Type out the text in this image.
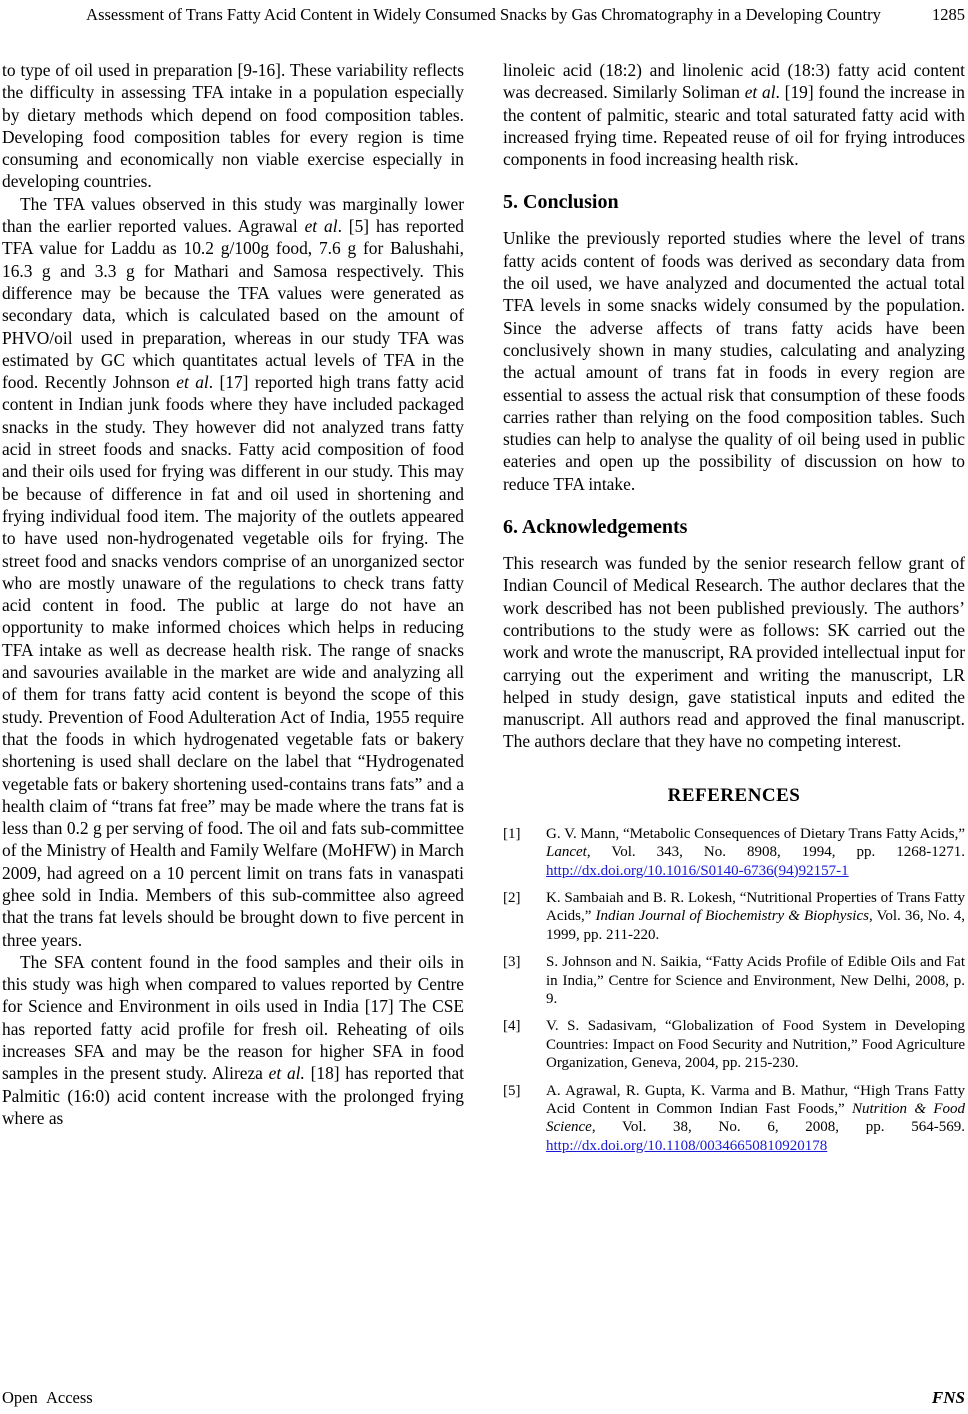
Assessment of Trans Fatty Acid Content in Widely Consumed Snacks by Gas Chromatography in a Developing Country	1285

to type of oil used in preparation [9-16]. These variability reflects the difficulty in assessing TFA intake in a population especially by dietary methods which depend on food composition tables. Developing food composition tables for every region is time consuming and economically non viable exercise especially in developing countries.

The TFA values observed in this study was marginally lower than the earlier reported values. Agrawal et al. [5] has reported TFA value for Laddu as 10.2 g/100g food, 7.6 g for Balushahi, 16.3 g and 3.3 g for Mathari and Samosa respectively. This difference may be because the TFA values were generated as secondary data, which is calculated based on the amount of PHVO/oil used in preparation, whereas in our study TFA was estimated by GC which quantitates actual levels of TFA in the food. Recently Johnson et al. [17] reported high trans fatty acid content in Indian junk foods where they have included packaged snacks in the study. They however did not analyzed trans fatty acid in street foods and snacks. Fatty acid composition of food and their oils used for frying was different in our study. This may be because of difference in fat and oil used in shortening and frying individual food item. The majority of the outlets appeared to have used non-hydrogenated vegetable oils for frying. The street food and snacks vendors comprise of an unorganized sector who are mostly unaware of the regulations to check trans fatty acid content in food. The public at large do not have an opportunity to make informed choices which helps in reducing TFA intake as well as decrease health risk. The range of snacks and savouries available in the market are wide and analyzing all of them for trans fatty acid content is beyond the scope of this study. Prevention of Food Adulteration Act of India, 1955 require that the foods in which hydrogenated vegetable fats or bakery shortening is used shall declare on the label that “Hydrogenated vegetable fats or bakery shortening used-contains trans fats” and a health claim of “trans fat free” may be made where the trans fat is less than 0.2 g per serving of food. The oil and fats sub-committee of the Ministry of Health and Family Welfare (MoHFW) in March 2009, had agreed on a 10 percent limit on trans fats in vanaspati ghee sold in India. Members of this sub-committee also agreed that the trans fat levels should be brought down to five percent in three years.

The SFA content found in the food samples and their oils in this study was high when compared to values reported by Centre for Science and Environment in oils used in India [17] The CSE has reported fatty acid profile for fresh oil. Reheating of oils increases SFA and may be the reason for higher SFA in food samples in the present study. Alireza et al. [18] has reported that Palmitic (16:0) acid content increase with the prolonged frying where as

linoleic acid (18:2) and linolenic acid (18:3) fatty acid content was decreased. Similarly Soliman et al. [19] found the increase in the content of palmitic, stearic and total saturated fatty acid with increased frying time. Repeated reuse of oil for frying introduces components in food increasing health risk.

5. Conclusion

Unlike the previously reported studies where the level of trans fatty acids content of foods was derived as secondary data from the oil used, we have analyzed and documented the actual total TFA levels in some snacks widely consumed by the population. Since the adverse affects of trans fatty acids have been conclusively shown in many studies, calculating and analyzing the actual amount of trans fat in foods in every region are essential to assess the actual risk that consumption of these foods carries rather than relying on the food composition tables. Such studies can help to analyse the quality of oil being used in public eateries and open up the possibility of discussion on how to reduce TFA intake.

6. Acknowledgements

This research was funded by the senior research fellow grant of Indian Council of Medical Research. The author declares that the work described has not been published previously. The authors’ contributions to the study were as follows: SK carried out the work and wrote the manuscript, RA provided intellectual input for carrying out the experiment and writing the manuscript, LR helped in study design, gave statistical inputs and edited the manuscript. All authors read and approved the final manuscript. The authors declare that they have no competing interest.

REFERENCES
[1]	G. V. Mann, “Metabolic Consequences of Dietary Trans Fatty Acids,” Lancet, Vol. 343, No. 8908, 1994, pp. 1268-1271. http://dx.doi.org/10.1016/S0140-6736(94)92157-1
[2]	K. Sambaiah and B. R. Lokesh, “Nutritional Properties of Trans Fatty Acids,” Indian Journal of Biochemistry & Biophysics, Vol. 36, No. 4, 1999, pp. 211-220.
[3]	S. Johnson and N. Saikia, “Fatty Acids Profile of Edible Oils and Fat in India,” Centre for Science and Environment, New Delhi, 2008, p. 9.
[4]	V. S. Sadasivam, “Globalization of Food System in Developing Countries: Impact on Food Security and Nutrition,” Food Agriculture Organization, Geneva, 2004, pp. 215-230.
[5]	A. Agrawal, R. Gupta, K. Varma and B. Mathur, “High Trans Fatty Acid Content in Common Indian Fast Foods,” Nutrition & Food Science, Vol. 38, No. 6, 2008, pp. 564-569. http://dx.doi.org/10.1108/00346650810920178
Open Access	FNS
